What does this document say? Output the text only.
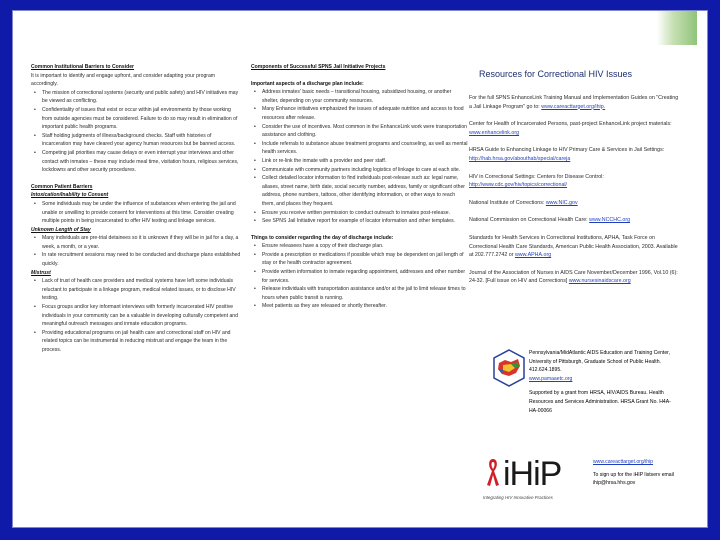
Common Institutional Barriers to Consider
It is important to identify and engage upfront, and consider adapting your program accordingly.
• The mission of correctional systems (security and public safety) and HIV initiatives may be viewed as conflicting.
• Confidentiality of issues that exist or occur within jail environments by those working from outside agencies must be considered. Failure to do so may result in elimination of important public health programs.
• Staff holding judgments of illness/background checks. Staff with histories of incarceration may have cleared your agency human resources but be banned access.
• Competing jail priorities may cause delays or even interrupt your interviews and other contact with inmates – these may include meal time, visitation hours, religious services, lockdowns and other security procedures.
Common Patient Barriers
Intoxication/Inability to Consent
• Some individuals may be under the influence of substances when entering the jail and unable or unwilling to provide consent for interventions at this time. Consider creating multiple points in being incarcerated to offer HIV testing and linkage services.
Unknown Length of Stay
• Many individuals are pre-trial detainees so it is unknown if they will be in jail for a day, a week, a month, or a year.
• In rate recruitment sessions may need to be conducted and discharge plans established quickly.
Mistrust
• Lack of trust of health care providers and medical systems have left some individuals reluctant to participate in a linkage program, medical related issues, or to disclose HIV testing.
• Focus groups and/or key informant interviews with formerly incarcerated HIV positive individuals in your community can be a valuable in developing culturally competent and meaningful outreach messages and inmate education programs.
• Providing educational programs on jail health care and correctional staff on HIV and related topics can be instrumental in reducing mistrust and engage the team in the process.
Components of Successful SPNS Jail Initiative Projects
Important aspects of a discharge plan include:
• Address inmates' basic needs – transitional housing, subsidized housing, or another shelter, depending on your community resources.
• Many Enhance initiatives emphasized the issues of adequate nutrition and access to food resources after release.
• Consider the use of incentives. Most common in the EnhanceLink work were transportation assistance and clothing.
• Include referrals to substance abuse treatment programs and counseling, as well as mental health services.
• Link or re-link the inmate with a provider and peer staff.
• Communicate with community partners including logistics of linkage to care at each site.
• Collect detailed locator information to find individuals post-release such as: legal name, aliases, street name, birth date, social security number, address, family or significant other address, phone numbers, tattoos, other identifying information, or other ways to reach them, and places they frequent.
• Ensure you receive written permission to conduct outreach to inmates post-release.
• See SPNS Jail Initiative report for example of locator information and other templates.
Things to consider regarding the day of discharge include:
• Ensure releasees have a copy of their discharge plan.
• Provide a prescription or medications if possible which may be dependent on jail length of stay or the health contractor agreement.
• Provide written information to inmate regarding appointment, addresses and other number for services.
• Release individuals with transportation assistance and/or at the jail to limit release times to hours when public transit is running.
• Meet patients as they are released or shortly thereafter.
Resources for Correctional HIV Issues
For the full SPNS EnhanceLink Training Manual and Implementation Guides on "Creating a Jail Linkage Program" go to: www.careacttarget.org/ihip.
Center for Health of Incarcerated Persons, past-project EnhanceLink project materials: www.enhancelink.org
HRSA Guide to Enhancing Linkage to HIV Primary Care & Services in Jail Settings: http://hab.hrsa.gov/abouthab/special/careja
HIV in Correctional Settings: Centers for Disease Control: http://www.cdc.gov/hiv/topics/correctional/
National Institute of Corrections: www.NIC.gov
National Commission on Correctional Health Care: www.NCCHC.org
Standards for Health Services in Correctional Institutions, APHA, Task Force on Correctional Health Care Standards, American Public Health Association, 2003. Available at 202.777.2742 or www.APHA.org
Journal of the Association of Nurses in AIDS Care November/December 1996, Vol.10 (6): 24-32. [Full issue on HIV and Corrections] www.nursesinaidscare.org
Pennsylvania/MidAtlantic AIDS Education and Training Center, University of Pittsburgh, Graduate School of Public Health. 412.624.1895.
www.pamaaetc.org
Supported by a grant from HRSA, HIV/AIDS Bureau. Health Resources and Services Administration. HRSA Grant No. H4A-HA-00066
iHiP
Integrating HIV Innovative Practices
www.careacttarget.org/ihip
To sign up for the iHIP listserv email
ihip@hrsa.hhs.gov
